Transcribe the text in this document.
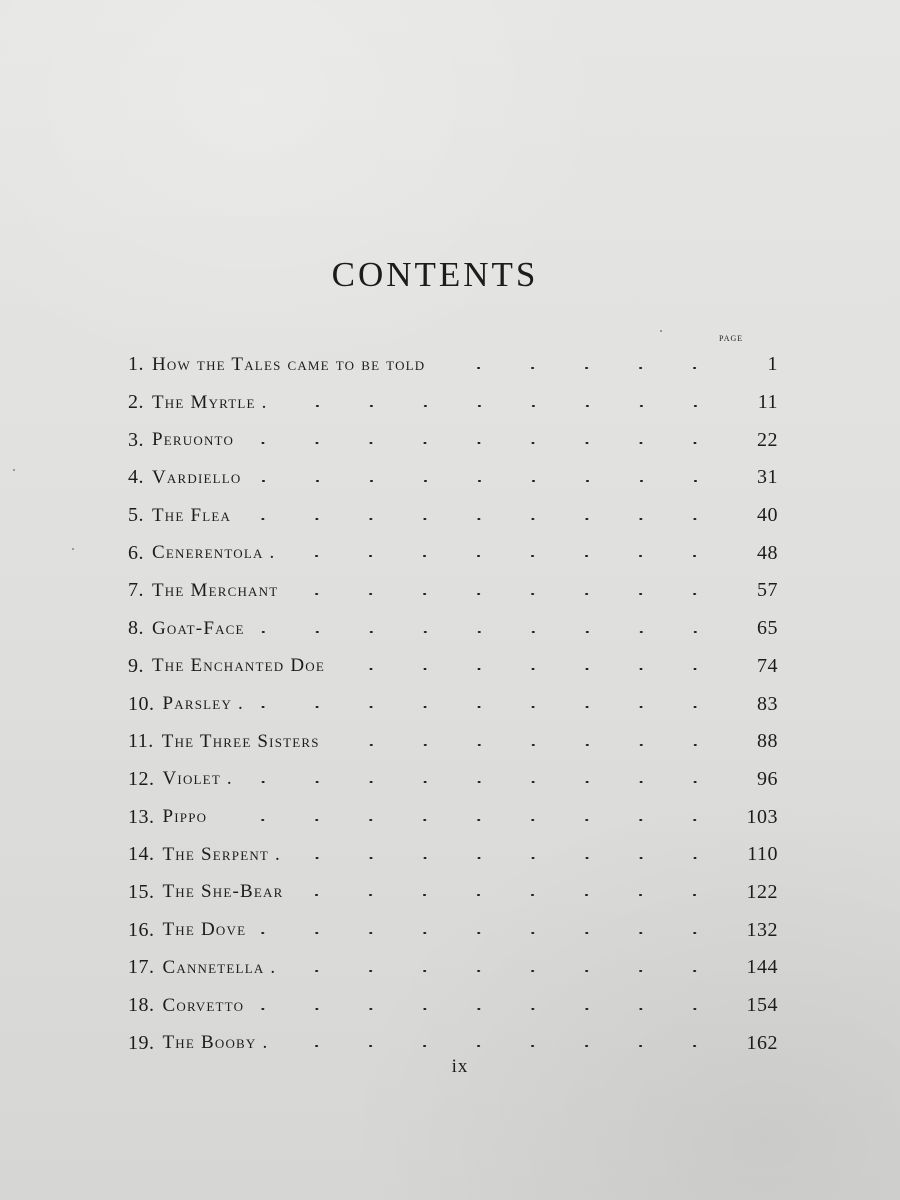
CONTENTS
page
1. How the Tales came to be told	1
2. The Myrtle .	11
3. Peruonto	22
4. Vardiello	31
5. The Flea	40
6. Cenerentola .	48
7. The Merchant	57
8. Goat-Face	65
9. The Enchanted Doe	74
10. Parsley .	83
11. The Three Sisters	88
12. Violet .	96
13. Pippo	103
14. The Serpent .	110
15. The She-Bear	122
16. The Dove	132
17. Cannetella .	144
18. Corvetto	154
19. The Booby .	162
ix
